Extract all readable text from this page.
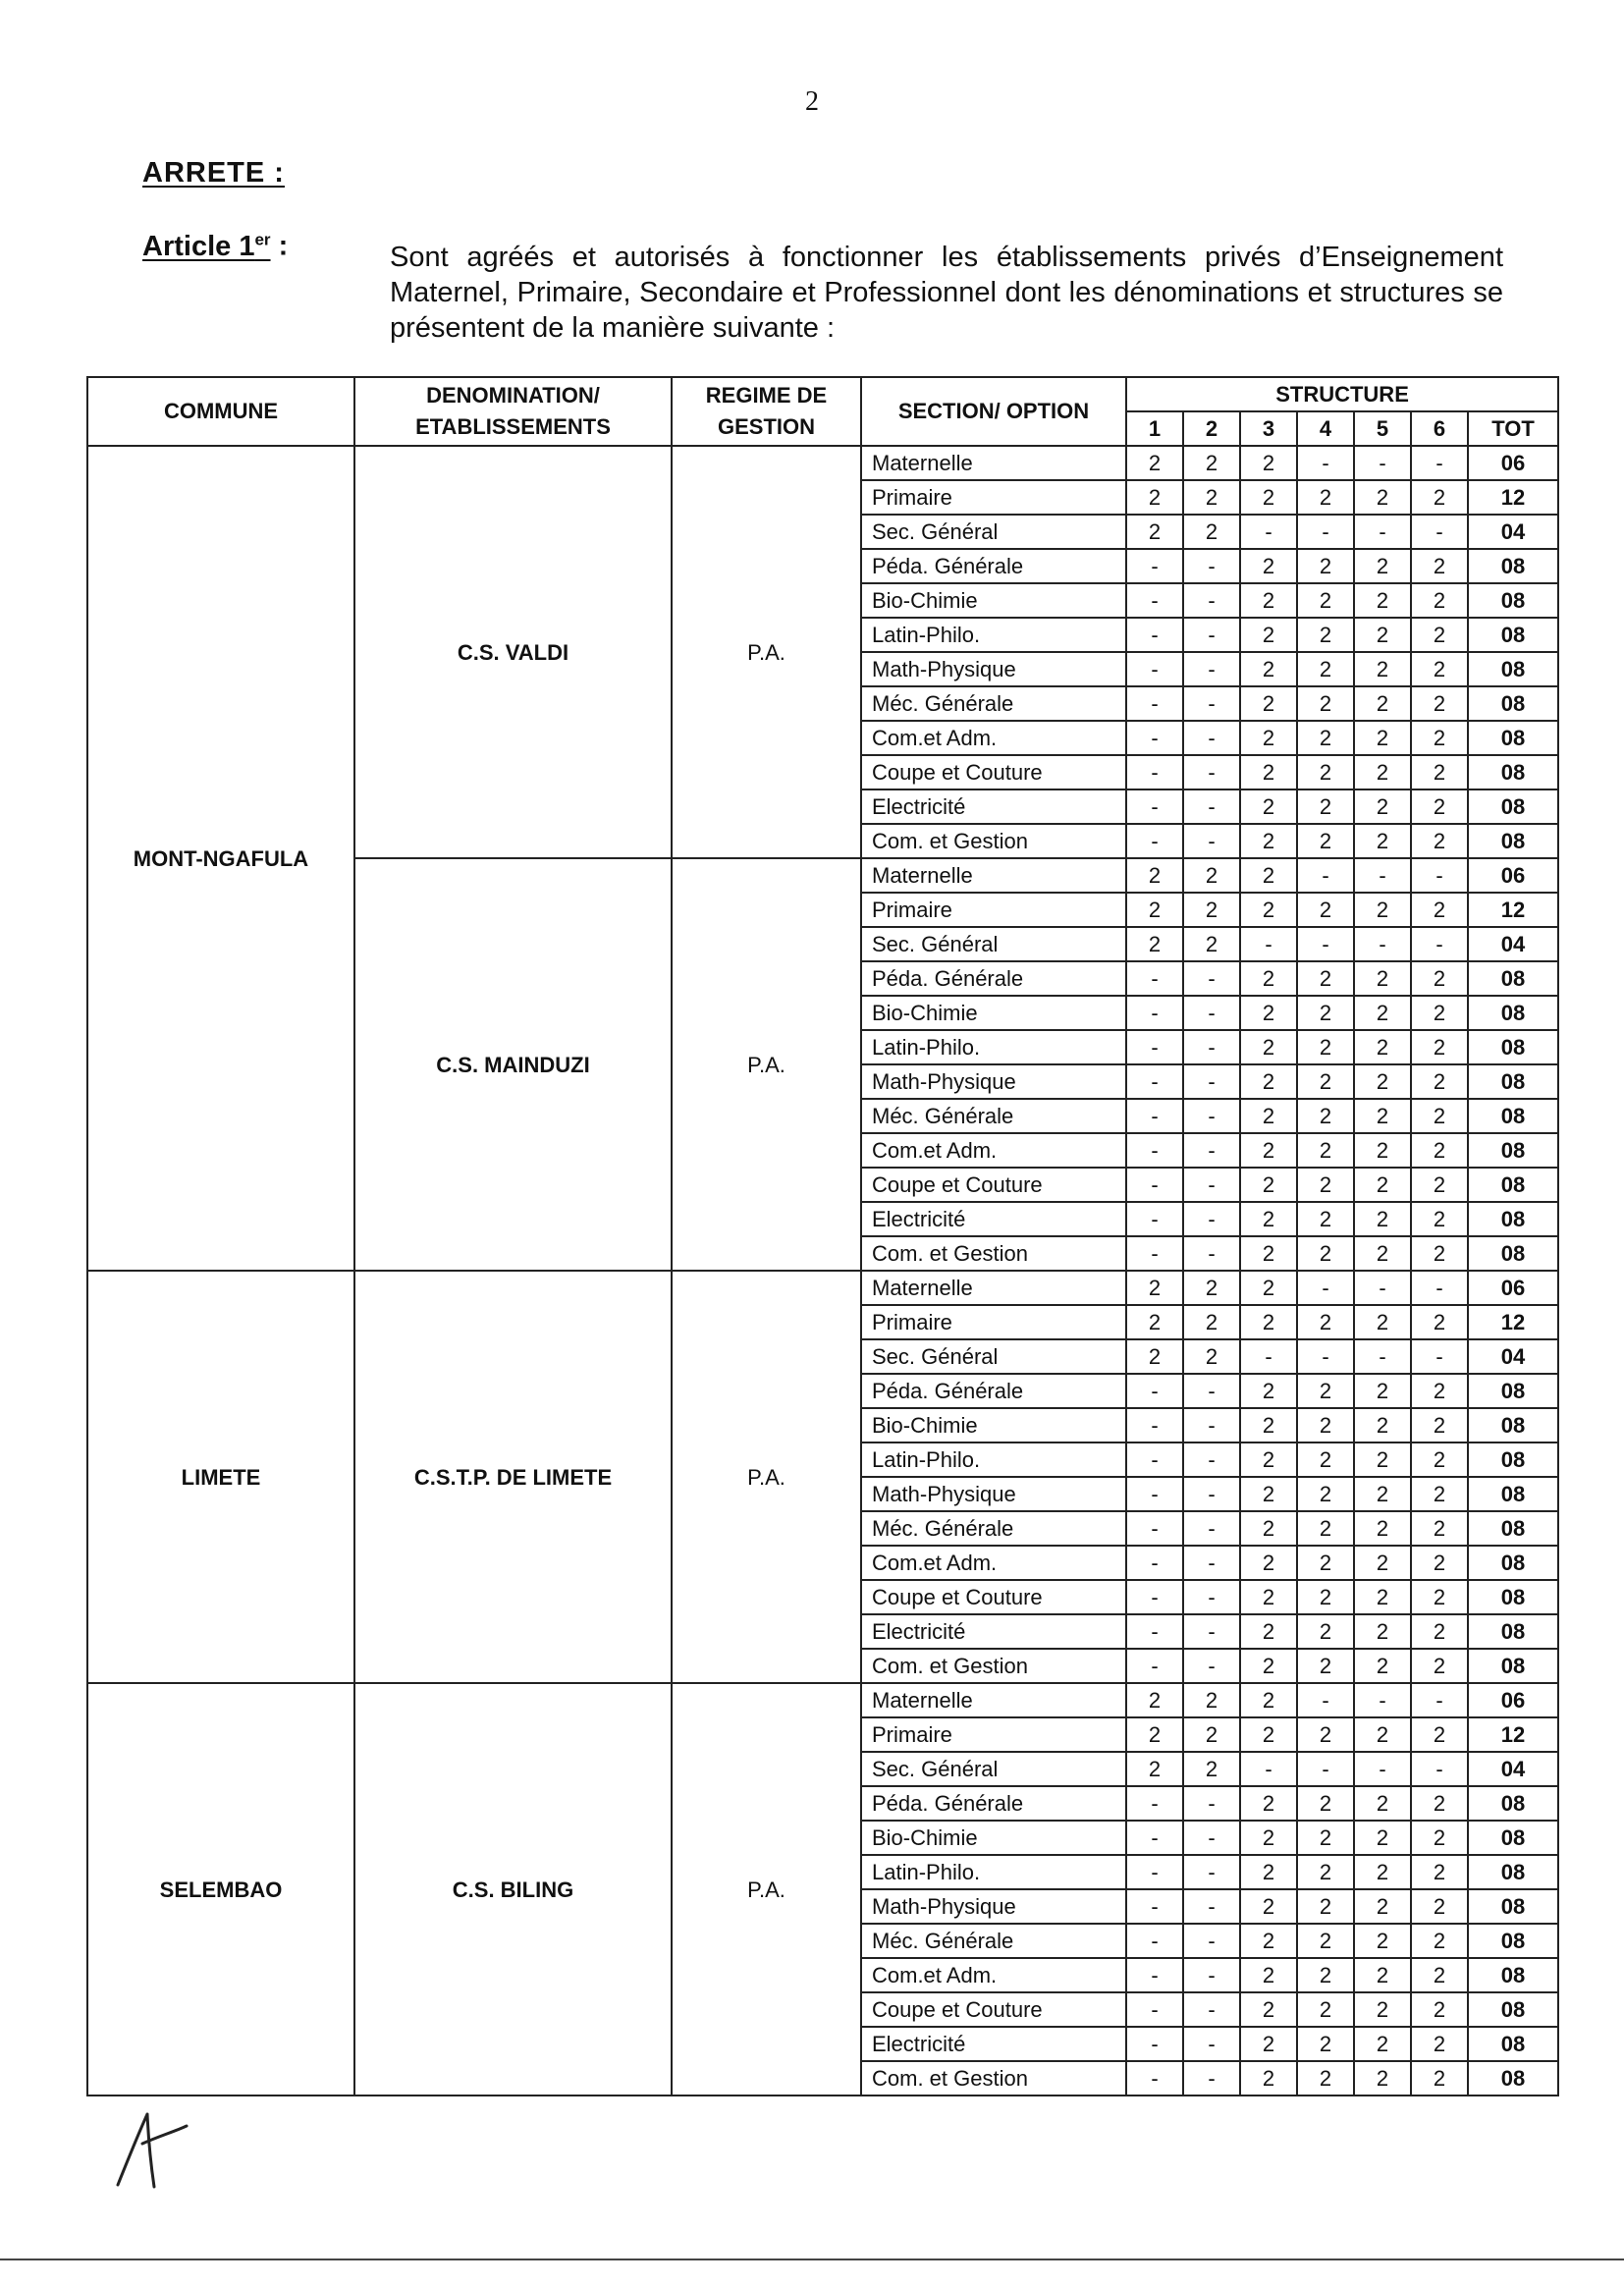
2
ARRETE :
Article 1er :	Sont agréés et autorisés à fonctionner les établissements privés d’Enseignement Maternel, Primaire, Secondaire et Professionnel dont les dénominations et structures se présentent de la manière suivante :
COMMUNE	DENOMINATION/ ETABLISSEMENTS	REGIME DE GESTION	SECTION/ OPTION	STRUCTURE						
				1	2	3	4	5	6	TOT
MONT-NGAFULA	C.S. VALDI	P.A.	Maternelle	2	2	2	-	-	-	06
			Primaire	2	2	2	2	2	2	12
			Sec. Général	2	2	-	-	-	-	04
			Péda. Générale	-	-	2	2	2	2	08
			Bio-Chimie	-	-	2	2	2	2	08
			Latin-Philo.	-	-	2	2	2	2	08
			Math-Physique	-	-	2	2	2	2	08
			Méc. Générale	-	-	2	2	2	2	08
			Com.et Adm.	-	-	2	2	2	2	08
			Coupe et Couture	-	-	2	2	2	2	08
			Electricité	-	-	2	2	2	2	08
			Com. et Gestion	-	-	2	2	2	2	08
	C.S. MAINDUZI	P.A.	Maternelle	2	2	2	-	-	-	06
			Primaire	2	2	2	2	2	2	12
			Sec. Général	2	2	-	-	-	-	04
			Péda. Générale	-	-	2	2	2	2	08
			Bio-Chimie	-	-	2	2	2	2	08
			Latin-Philo.	-	-	2	2	2	2	08
			Math-Physique	-	-	2	2	2	2	08
			Méc. Générale	-	-	2	2	2	2	08
			Com.et Adm.	-	-	2	2	2	2	08
			Coupe et Couture	-	-	2	2	2	2	08
			Electricité	-	-	2	2	2	2	08
			Com. et Gestion	-	-	2	2	2	2	08
LIMETE	C.S.T.P. DE LIMETE	P.A.	Maternelle	2	2	2	-	-	-	06
			Primaire	2	2	2	2	2	2	12
			Sec. Général	2	2	-	-	-	-	04
			Péda. Générale	-	-	2	2	2	2	08
			Bio-Chimie	-	-	2	2	2	2	08
			Latin-Philo.	-	-	2	2	2	2	08
			Math-Physique	-	-	2	2	2	2	08
			Méc. Générale	-	-	2	2	2	2	08
			Com.et Adm.	-	-	2	2	2	2	08
			Coupe et Couture	-	-	2	2	2	2	08
			Electricité	-	-	2	2	2	2	08
			Com. et Gestion	-	-	2	2	2	2	08
SELEMBAO	C.S. BILING	P.A.	Maternelle	2	2	2	-	-	-	06
			Primaire	2	2	2	2	2	2	12
			Sec. Général	2	2	-	-	-	-	04
			Péda. Générale	-	-	2	2	2	2	08
			Bio-Chimie	-	-	2	2	2	2	08
			Latin-Philo.	-	-	2	2	2	2	08
			Math-Physique	-	-	2	2	2	2	08
			Méc. Générale	-	-	2	2	2	2	08
			Com.et Adm.	-	-	2	2	2	2	08
			Coupe et Couture	-	-	2	2	2	2	08
			Electricité	-	-	2	2	2	2	08
			Com. et Gestion	-	-	2	2	2	2	08
